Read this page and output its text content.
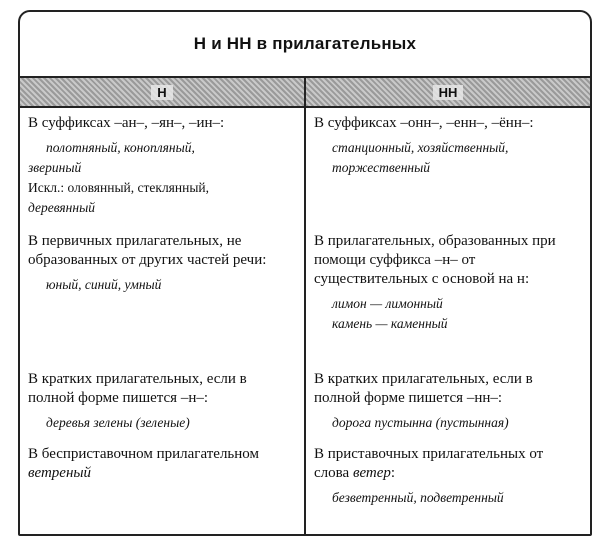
Н и НН в прилагательных
Н	НН

В суффиксах –ан–, –ян–, –ин–:

полотняный, конопляный,

звериный

Искл.: оловянный, стеклянный,

деревянный

В первичных прилагательных, не образованных от других частей речи:

юный, синий, умный

В кратких прилагательных, если в полной форме пишется –н–:

деревья зелены (зеленые)

В бесприставочном прилагательном ветреный

В суффиксах –онн–, –енн–, –ённ–:

станционный, хозяйственный,

торжественный

В прилагательных, образованных при помощи суффикса –н– от существительных с основой на н:

лимон — лимонный

камень — каменный

В кратких прилагательных, если в полной форме пишется –нн–:

дорога пустынна (пустынная)

В приставочных прилагательных от слова ветер:

безветренный, подветренный
